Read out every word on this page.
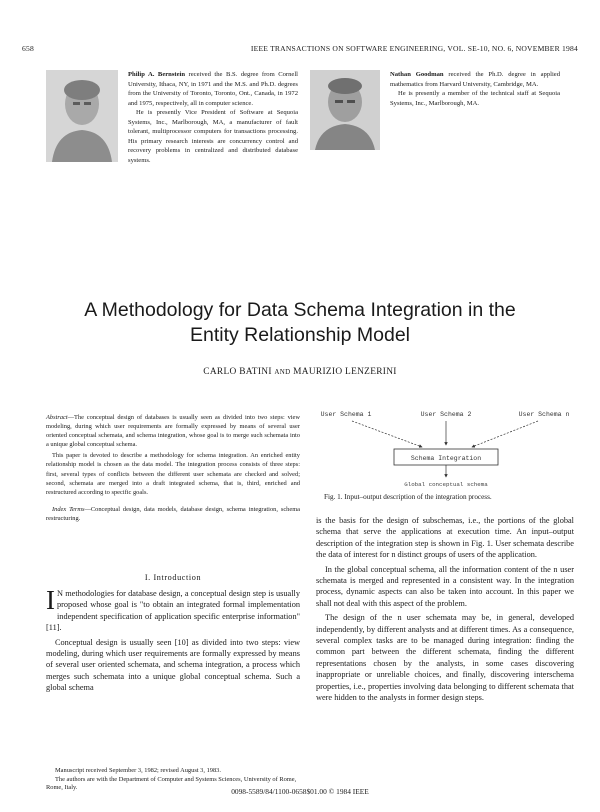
658	IEEE TRANSACTIONS ON SOFTWARE ENGINEERING, VOL. SE-10, NO. 6, NOVEMBER 1984

Philip A. Bernstein received the B.S. degree from Cornell University, Ithaca, NY, in 1971 and the M.S. and Ph.D. degrees from the University of Toronto, Toronto, Ont., Canada, in 1972 and 1975, respectively, all in computer science.

He is presently Vice President of Software at Sequoia Systems, Inc., Marlborough, MA, a manufacturer of fault tolerant, multiprocessor computers for transactions processing. His primary research interests are concurrency control and recovery problems in centralized and distributed database systems.

Nathan Goodman received the Ph.D. degree in applied mathematics from Harvard University, Cambridge, MA.

He is presently a member of the technical staff at Sequoia Systems, Inc., Marlborough, MA.

A Methodology for Data Schema Integration in the
Entity Relationship Model
CARLO BATINI AND MAURIZIO LENZERINI

Abstract—The conceptual design of databases is usually seen as divided into two steps: view modeling, during which user requirements are formally expressed by means of several user oriented conceptual schemata, and schema integration, whose goal is to merge such schemata into a unique global conceptual schema.

This paper is devoted to describe a methodology for schema integration. An enriched entity relationship model is chosen as the data model. The integration process consists of three steps: first, several types of conflicts between the different user schemata are checked and solved; second, schemata are merged into a draft integrated schema, that is, third, enriched and restructured according to specific goals.

Index Terms—Conceptual design, data models, database design, schema integration, schema restructuring.

I. Introduction

I N methodologies for database design, a conceptual design step is usually proposed whose goal is "to obtain an integrated formal implementation independent specification of application specific enterprise information" [11].

Conceptual design is usually seen [10] as divided into two steps: view modeling, during which user requirements are formally expressed by means of several user oriented schemata, and schema integration, a process which merges such schemata into a unique global conceptual schema. Such a global schema

Manuscript received September 3, 1982; revised August 3, 1983.
The authors are with the Department of Computer and Systems Sciences, University of Rome, Rome, Italy.
User Schema 1	User Schema 2	User Schema n
Schema Integration
Global conceptual schema
Fig. 1. Input–output description of the integration process.

is the basis for the design of subschemas, i.e., the portions of the global schema that serve the applications at execution time. An input–output description of the integration step is shown in Fig. 1. User schemata describe the data of interest for n distinct groups of users of the application.

In the global conceptual schema, all the information content of the n user schemata is merged and represented in a consistent way. In the integration process, dynamic aspects can also be taken into account. In this paper we shall not deal with this aspect of the problem.

The design of the n user schemata may be, in general, developed independently, by different analysts and at different times. As a consequence, several complex tasks are to be managed during integration: finding the common part between the different schemata, finding the different representations chosen by the analysts, in some cases discovering inappropriate or unreliable choices, and finally, discovering interschema properties, i.e., properties involving data belonging to different schemata that were hidden to the analysts in former design steps.

0098-5589/84/1100-0658$01.00 © 1984 IEEE
